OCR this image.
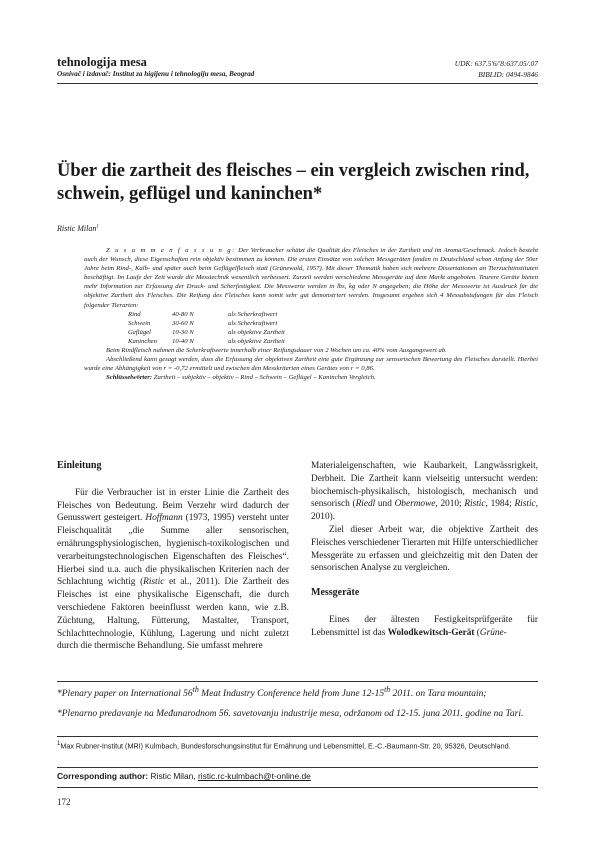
tehnologija mesa
Osnivač i izdavač: Institut za higijenu i tehnologiju mesa, Beograd
UDK: 637.5'6/'8:637.05/.07
BIBLID: 0494-9846
Über die zartheit des fleisches – ein vergleich zwischen rind, schwein, geflügel und kaninchen*
Ristic Milan$^1$

Z u s a m m e n f a s s u n g: Der Verbraucher schätzt die Qualität des Fleisches in der Zartheit und im Aroma/Geschmack. Jedoch besteht auch der Wunsch, diese Eigenschaften rein objektiv bestimmen zu können. Die ersten Einsätze von solchen Messgeräten fanden in Deutschland schon Anfang der 50er Jahre beim Rind-, Kalb- und später auch beim Geflügelfleisch statt (Grünewald, 1957). Mit dieser Thematik haben sich mehrere Dissertationen an Tierzuchtinstituten beschäftigt. Im Laufe der Zeit wurde die Messtechnik wesentlich verbessert. Zurzeit werden verschiedene Messgeräte auf dem Markt angeboten. Teurere Geräte bieten mehr Information zur Erfassung der Druck- und Scherfestigkeit. Die Messwerte werden in lbs, kg oder N angegeben; die Höhe der Messwerte ist Ausdruck für die objektive Zartheit des Fleisches. Die Reifung des Fleisches kann somit sehr gut demonstriert werden. Insgesamt ergeben sich 4 Messabstufungen für das Fleisch folgender Tierarten:

Rind	40-80 N	als Scherkraftwert
Schwein	30-60 N	als Scherkraftwert
Geflügel	10-30 N	als objektive Zartheit
Kaninchen	10-40 N	als objektive Zartheit

Beim Rindfleisch nahmen die Scherkraftwerte innerhalb einer Reifungsdauer von 2 Wochen um ca. 40% vom Ausgangswert ab.

Abschließend kann gesagt werden, dass die Erfassung der objektiven Zartheit eine gute Ergänzung zur sensorischen Bewertung des Fleisches darstellt. Hierbei wurde eine Abhängigkeit von r = -0,72 ermittelt und zwischen den Messkriterien eines Gerätes von r = 0,86.

Schlüsselwörter: Zartheit – subjektiv – objektiv – Rind – Schwein – Geflügel – Kaninchen Vergleich.

Einleitung

Für die Verbraucher ist in erster Linie die Zartheit des Fleisches von Bedeutung. Beim Verzehr wird dadurch der Genusswert gesteigert. Hoffmann (1973, 1995) versteht unter Fleischqualität „die Summe aller sensorischen, ernährungsphysiologischen, hygienisch-toxikologischen und verarbeitungstechnologischen Eigenschaften des Fleisches“. Hierbei sind u.a. auch die physikalischen Kriterien nach der Schlachtung wichtig (Ristic et al., 2011). Die Zartheit des Fleisches ist eine physikalische Eigenschaft, die durch verschiedene Faktoren beeinflusst werden kann, wie z.B. Züchtung, Haltung, Fütterung, Mastalter, Transport, Schlachttechnologie, Kühlung, Lagerung und nicht zuletzt durch die thermische Behandlung. Sie umfasst mehrere

Materialeigenschaften, wie Kaubarkeit, Langwässrigkeit, Derbheit. Die Zartheit kann vielseitig untersucht werden: biochemisch-physikalisch, histologisch, mechanisch und sensorisch (Riedl und Obermowe, 2010; Ristic, 1984; Ristic, 2010).

Ziel dieser Arbeit war, die objektive Zartheit des Fleisches verschiedener Tierarten mit Hilfe unterschiedlicher Messgeräte zu erfassen und gleichzeitig mit den Daten der sensorischen Analyse zu vergleichen.

Messgeräte

Eines der ältesten Festigkeitsprüfgeräte für Lebensmittel ist das Wolodkewitsch-Gerät (Grüne-

*Plenary paper on International 56th Meat Industry Conference held from June 12-15th 2011. on Tara mountain;
*Plenarno predavanje na Međunarodnom 56. savetovanju industrije mesa, održanom od 12-15. juna 2011. godine na Tari.
$^1$Max Rubner-Institut (MRI) Kulmbach, Bundesforschungsinstitut für Ernährung und Lebensmittel, E.-C.-Baumann-Str. 20, 95326, Deutschland.
Corresponding author: Ristic Milan, ristic.rc-kulmbach@t-online.de
172
